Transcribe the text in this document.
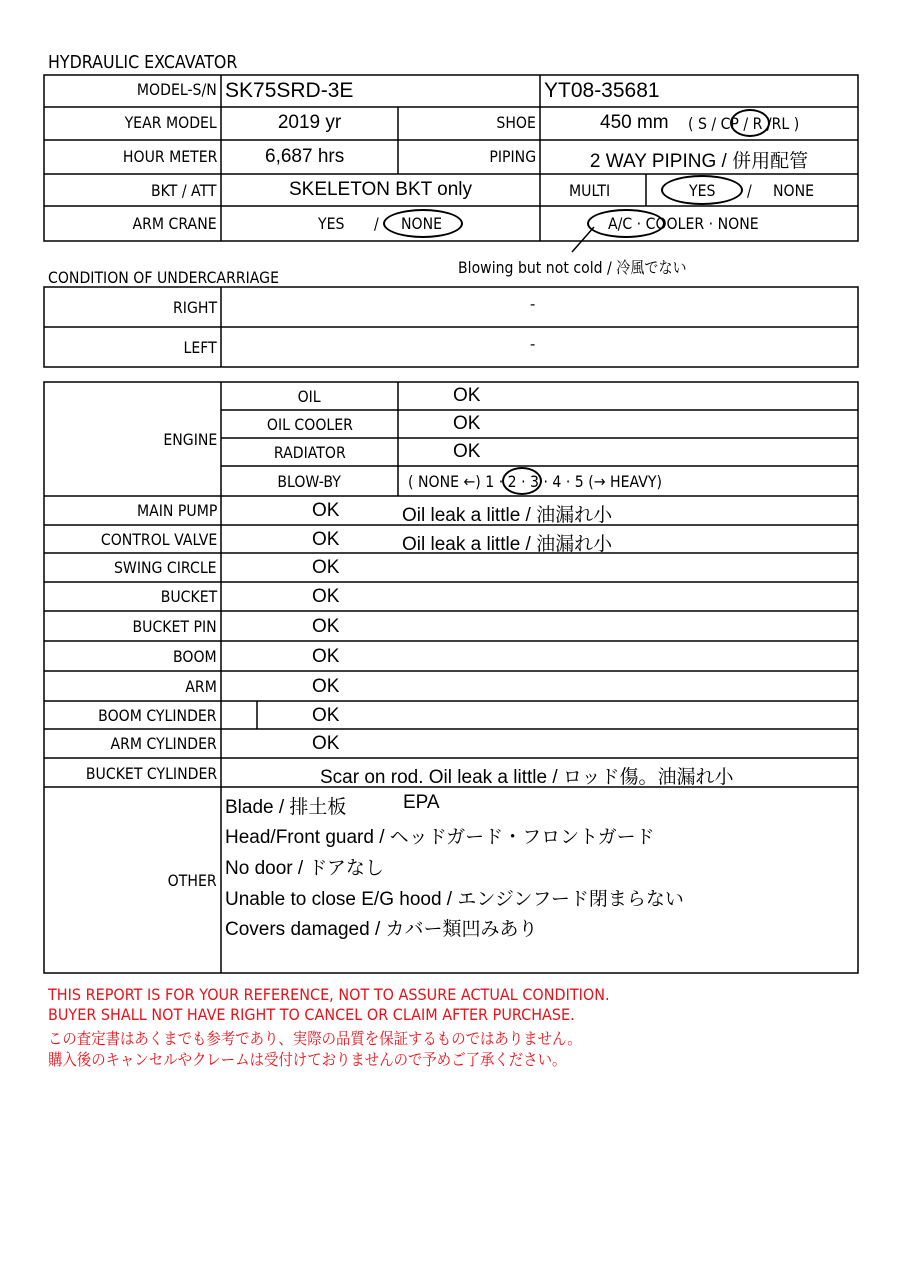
HYDRAULIC EXCAVATOR
MODEL-S/N SK75SRD-3E	YT08-35681
YEAR MODEL	2019 yr	SHOE	450 mm ( S / CP / R /RL )
HOUR METER	6,687 hrs	PIPING	2 WAY PIPING / 併用配管
BKT / ATT	SKELETON BKT only	MULTI	YES / NONE
ARM CRANE	YES / NONE	A/C · COOLER · NONE
Blowing but not cold / 冷風でない
CONDITION OF UNDERCARRIAGE
RIGHT	-
LEFT	-
ENGINE
OIL	OK
OIL COOLER	OK
RADIATOR	OK
BLOW-BY	( NONE ←) 1 · 2 · 3 · 4 · 5 (→ HEAVY)
MAIN PUMP	OK	Oil leak a little / 油漏れ小
CONTROL VALVE	OK	Oil leak a little / 油漏れ小
SWING CIRCLE	OK
BUCKET	OK
BUCKET PIN	OK
BOOM	OK
ARM	OK
BOOM CYLINDER	OK
ARM CYLINDER	OK
BUCKET CYLINDER	Scar on rod. Oil leak a little / ロッド傷。油漏れ小
OTHER
EPA
Blade / 排土板
Head/Front guard / ヘッドガード・フロントガード
No door / ドアなし
Unable to close E/G hood / エンジンフード閉まらない
Covers damaged / カバー類凹みあり
THIS REPORT IS FOR YOUR REFERENCE, NOT TO ASSURE ACTUAL CONDITION.
BUYER SHALL NOT HAVE RIGHT TO CANCEL OR CLAIM AFTER PURCHASE.
この査定書はあくまでも参考であり、実際の品質を保証するものではありません。
購入後のキャンセルやクレームは受付けておりませんので予めご了承ください。
